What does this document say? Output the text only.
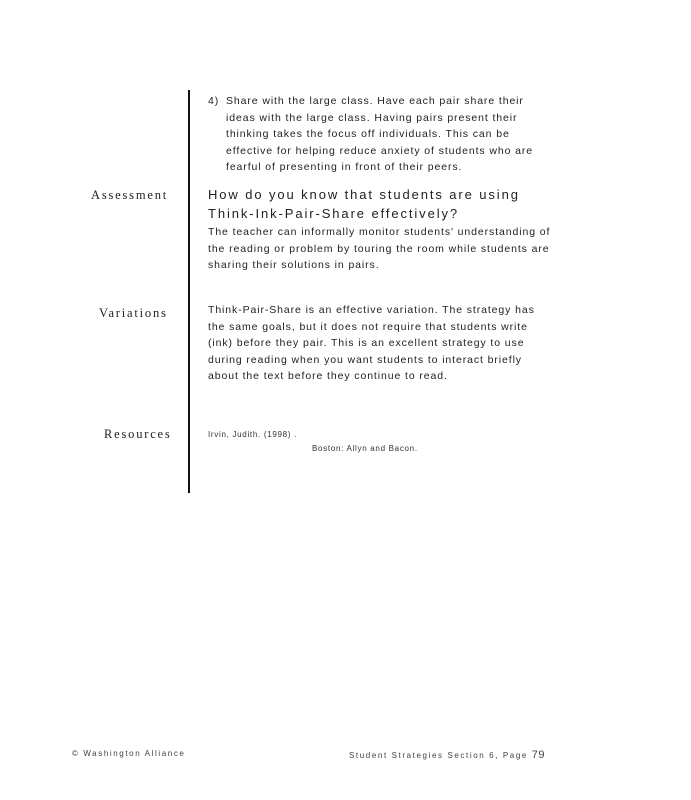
4) Share with the large class. Have each pair share their ideas with the large class. Having pairs present their thinking takes the focus off individuals. This can be effective for helping reduce anxiety of students who are fearful of presenting in front of their peers.
Assessment	How do you know that students are using Think-Ink-Pair-Share effectively?

The teacher can informally monitor students' understanding of the reading or problem by touring the room while students are sharing their solutions in pairs.

Variations	Think-Pair-Share is an effective variation. The strategy has the same goals, but it does not require that students write (ink) before they pair. This is an excellent strategy to use during reading when you want students to interact briefly about the text before they continue to read.

Resources	Irvin, Judith. (1998) .
Boston: Allyn and Bacon.
© Washington Alliance	Student Strategies Section 6, Page 79
